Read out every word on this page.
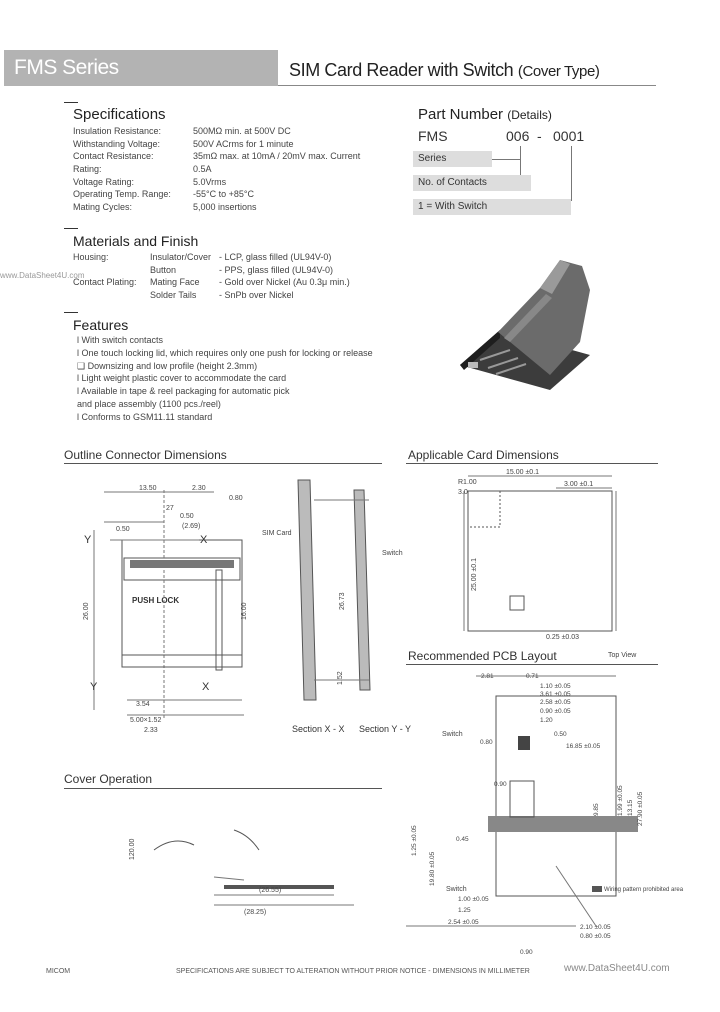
FMS Series	SIM Card Reader with Switch (Cover Type)
Specifications
Insulation Resistance:	500MΩ min. at 500V DC
Withstanding Voltage:	500V ACrms for 1 minute
Contact Resistance:	35mΩ max. at 10mA / 20mV max. Current
Rating:	0.5A
Voltage Rating:	5.0Vrms
Operating Temp. Range:	-55°C to +85°C
Mating Cycles:	5,000 insertions
Part Number (Details)
FMS	006 - 0001
Series
No. of Contacts
1 = With Switch
Materials and Finish
Housing:	Insulator/Cover - LCP, glass filled (UL94V-0)
Button	- PPS, glass filled (UL94V-0)
Contact Plating: Mating Face - Gold over Nickel (Au 0.3μ min.)
Solder Tails	- SnPb over Nickel
www.DataSheet4U.com
Features
l With switch contacts
l One touch locking lid, which requires only one push for locking or release
❑ Downsizing and low profile (height 2.3mm)
l Light weight plastic cover to accommodate the card
l Available in tape & reel packaging for automatic pick
and place assembly (1100 pcs./reel)
l Conforms to GSM11.11 standard
Outline Connector Dimensions	Applicable Card Dimensions
Recommended PCB Layout	Top View
Cover Operation
PUSH LOCK
Y	X
Y	X
13.50	2.30
0.80
0.50
(2.69)
0.50
27
26.00	16.00
3.54
5.00×1.52
2.33
SIM Card
Switch
26.73
1.52
Section X - X Section Y - Y
R1.00
3.0
15.00 ±0.1
3.00 ±0.1
25.00 ±0.1
0.25 ±0.03
Wiring pattern prohibited area
Switch
Switch
2.81	0.71
1.10 ±0.05
3.61 ±0.05
2.58 ±0.05
0.90 ±0.05
1.20
0.80
0.50
16.85 ±0.05
0.90
0.45
1.00 ±0.05
1.25
2.54 ±0.05
2.10 ±0.05
0.80 ±0.05
0.90
1.25 ±0.05
19.80 ±0.05
1.99 ±0.05 13.15 27.90 ±0.05
9.85
120.00
(26.55)
(28.25)
MICOM	SPECIFICATIONS ARE SUBJECT TO ALTERATION WITHOUT PRIOR NOTICE - DIMENSIONS IN MILLIMETER	www.DataSheet4U.com
